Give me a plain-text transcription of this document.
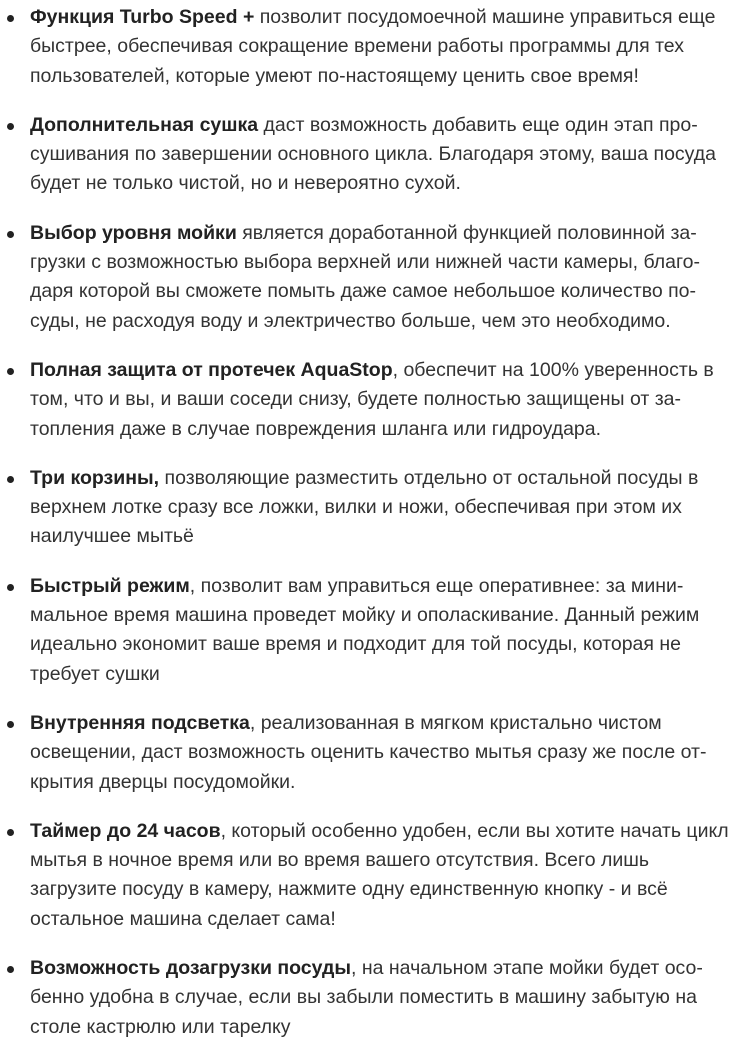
Функция Turbo Speed + позволит посудомоечной машине управиться еще быстрее, обеспечивая сокращение времени работы программы для тех пользователей, которые умеют по-настоящему ценить свое время!
Дополнительная сушка даст возможность добавить еще один этап просушивания по завершении основного цикла. Благодаря этому, ваша посуда будет не только чистой, но и невероятно сухой.
Выбор уровня мойки является доработанной функцией половинной загрузки с возможностью выбора верхней или нижней части камеры, благодаря которой вы сможете помыть даже самое небольшое количество посуды, не расходуя воду и электричество больше, чем это необходимо.
Полная защита от протечек AquaStop, обеспечит на 100% уверенность в том, что и вы, и ваши соседи снизу, будете полностью защищены от затопления даже в случае повреждения шланга или гидроудара.
Три корзины, позволяющие разместить отдельно от остальной посуды в верхнем лотке сразу все ложки, вилки и ножи, обеспечивая при этом их наилучшее мытьё
Быстрый режим, позволит вам управиться еще оперативнее: за минимальное время машина проведет мойку и ополаскивание. Данный режим идеально экономит ваше время и подходит для той посуды, которая не требует сушки
Внутренняя подсветка, реализованная в мягком кристально чистом освещении, даст возможность оценить качество мытья сразу же после открытия дверцы посудомойки.
Таймер до 24 часов, который особенно удобен, если вы хотите начать цикл мытья в ночное время или во время вашего отсутствия. Всего лишь загрузите посуду в камеру, нажмите одну единственную кнопку - и всё остальное машина сделает сама!
Возможность дозагрузки посуды, на начальном этапе мойки будет особенно удобна в случае, если вы забыли поместить в машину забытую на столе кастрюлю или тарелку
